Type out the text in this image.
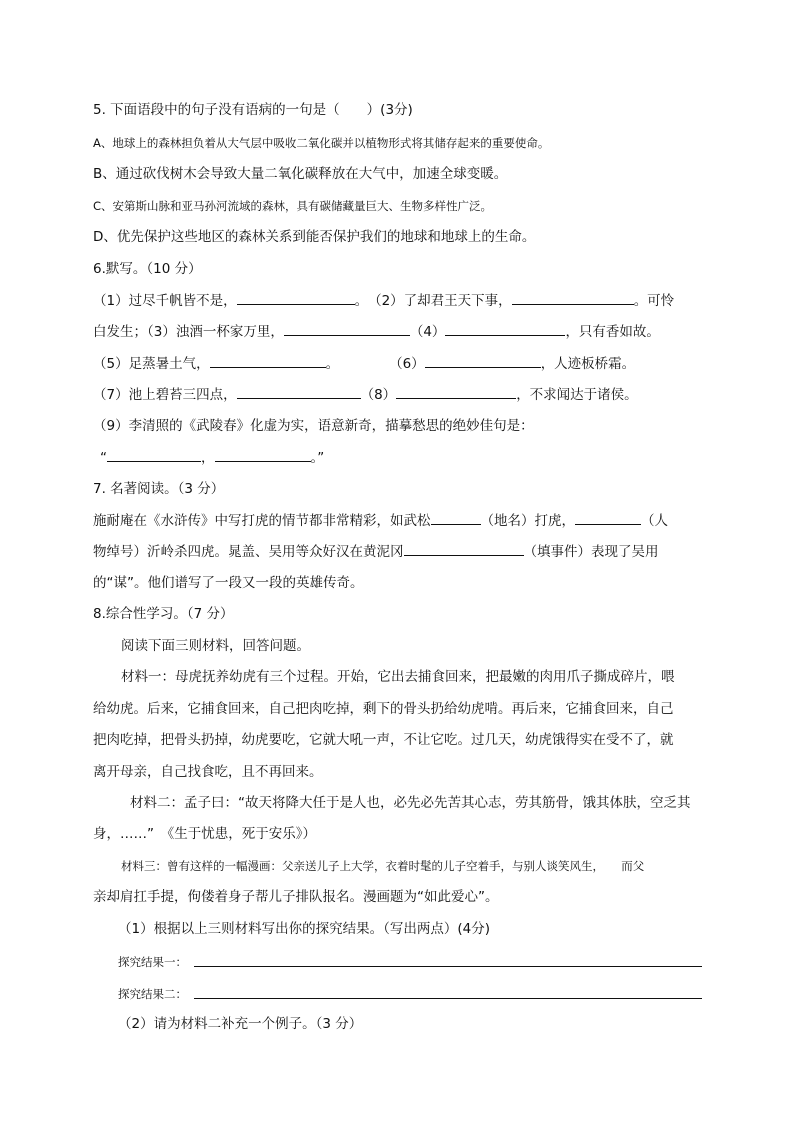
5. 下面语段中的句子没有语病的一句是（　　）(3分)
A、地球上的森林担负着从大气层中吸收二氧化碳并以植物形式将其储存起来的重要使命。
B、通过砍伐树木会导致大量二氧化碳释放在大气中，加速全球变暖。
C、安第斯山脉和亚马孙河流域的森林，具有碳储藏量巨大、生物多样性广泛。
D、优先保护这些地区的森林关系到能否保护我们的地球和地球上的生命。
6.默写。（10 分）
（1）过尽千帆皆不是，	。　（2）了却君王天下事，	。可怜
白发生；（3）浊酒一杯家万里，	（4）	，只有香如故。
（5）足蒸暑土气，	。	（6）	，人迹板桥霜。
（7）池上碧苔三四点，	（8）	，不求闻达于诸侯。
（9）李清照的《武陵春》化虚为实，语意新奇，描摹愁思的绝妙佳句是：
“	，	。”
7. 名著阅读。（3 分）
施耐庵在《水浒传》中写打虎的情节都非常精彩，如武松	（地名）打虎，	（人
物绰号）沂岭杀四虎。晁盖、吴用等众好汉在黄泥冈	（填事件）表现了吴用
的“谋”。他们谱写了一段又一段的英雄传奇。
8.综合性学习。（7 分）
阅读下面三则材料，回答问题。
材料一：母虎抚养幼虎有三个过程。开始，它出去捕食回来，把最嫩的肉用爪子撕成碎片，喂
给幼虎。后来，它捕食回来，自己把肉吃掉，剩下的骨头扔给幼虎啃。再后来，它捕食回来，自己
把肉吃掉，把骨头扔掉，幼虎要吃，它就大吼一声，不让它吃。过几天，幼虎饿得实在受不了，就
离开母亲，自己找食吃，且不再回来。
材料二：孟子曰：“故天将降大任于是人也，必先必先苦其心志，劳其筋骨，饿其体肤，空乏其
身，……”　《生于忧患，死于安乐》）
材料三：曾有这样的一幅漫画：父亲送儿子上大学，衣着时髦的儿子空着手，与别人谈笑风生，　　而父
亲却肩扛手提，佝偻着身子帮儿子排队报名。漫画题为“如此爱心”。
（1）根据以上三则材料写出你的探究结果。（写出两点）(4分)
探究结果一：
探究结果二：
（2）请为材料二补充一个例子。（3 分）
